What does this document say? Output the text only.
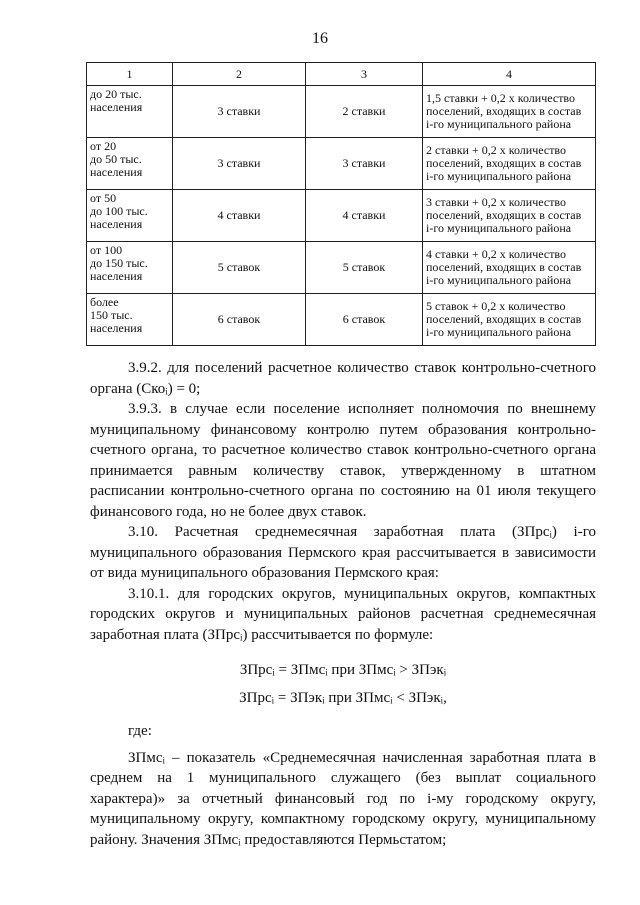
16
1	2	3	4

до 20 тыс.
населения	3 ставки	2 ставки	1,5 ставки + 0,2 х количество
поселений, входящих в состав
i-го муниципального района

от 20
до 50 тыс.
населения	3 ставки	3 ставки	2 ставки + 0,2 х количество
поселений, входящих в состав
i-го муниципального района

от 50
до 100 тыс.
населения	4 ставки	4 ставки	3 ставки + 0,2 х количество
поселений, входящих в состав
i-го муниципального района

от 100
до 150 тыс.
населения	5 ставок	5 ставок	4 ставки + 0,2 х количество
поселений, входящих в состав
i-го муниципального района

более
150 тыс.
населения	6 ставок	6 ставок	5 ставок + 0,2 х количество
поселений, входящих в состав
i-го муниципального района

3.9.2. для поселений расчетное количество ставок контрольно-счетного органа (Скоᵢ) = 0;

3.9.3. в случае если поселение исполняет полномочия по внешнему муниципальному финансовому контролю путем образования контрольно-счетного органа, то расчетное количество ставок контрольно-счетного органа принимается равным количеству ставок, утвержденному в штатном расписании контрольно-счетного органа по состоянию на 01 июля текущего финансового года, но не более двух ставок.

3.10. Расчетная среднемесячная заработная плата (ЗПрсᵢ) i-го муниципального образования Пермского края рассчитывается в зависимости от вида муниципального образования Пермского края:

3.10.1. для городских округов, муниципальных округов, компактных городских округов и муниципальных районов расчетная среднемесячная заработная плата (ЗПрсᵢ) рассчитывается по формуле:

ЗПрсᵢ = ЗПмсᵢ при ЗПмсᵢ > ЗПэкᵢ

ЗПрсᵢ = ЗПэкᵢ при ЗПмсᵢ < ЗПэкᵢ,

где:

ЗПмсᵢ – показатель «Среднемесячная начисленная заработная плата в среднем на 1 муниципального служащего (без выплат социального характера)» за отчетный финансовый год по i-му городскому округу, муниципальному округу, компактному городскому округу, муниципальному району. Значения ЗПмсᵢ предоставляются Пермьстатом;
